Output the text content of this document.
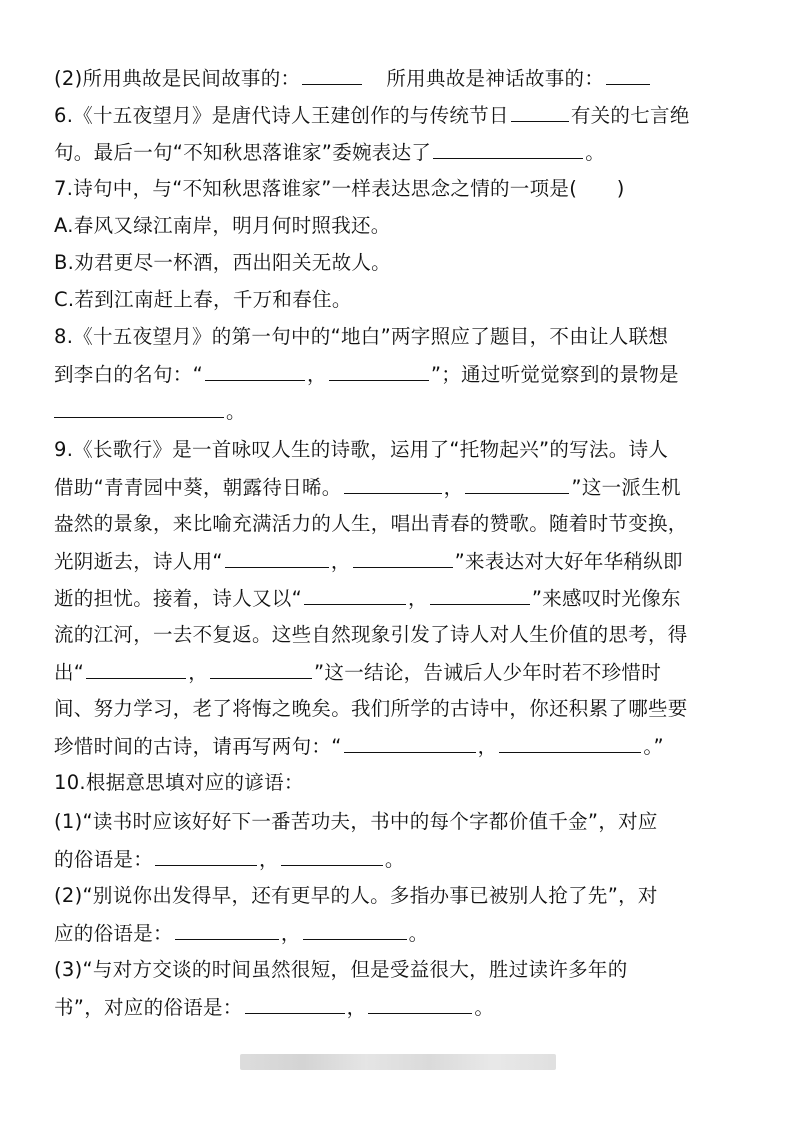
(2)所用典故是民间故事的：	所用典故是神话故事的：
6.《十五夜望月》是唐代诗人王建创作的与传统节日	有关的七言绝
句。最后一句“不知秋思落谁家”委婉表达了	。
7.诗句中，与“不知秋思落谁家”一样表达思念之情的一项是(　　)
A.春风又绿江南岸，明月何时照我还。
B.劝君更尽一杯酒，西出阳关无故人。
C.若到江南赶上春，千万和春住。
8.《十五夜望月》的第一句中的“地白”两字照应了题目，不由让人联想
到李白的名句：“	，	”；通过听觉觉察到的景物是
。
9.《长歌行》是一首咏叹人生的诗歌，运用了“托物起兴”的写法。诗人
借助“青青园中葵，朝露待日晞。	，	”这一派生机
盎然的景象，来比喻充满活力的人生，唱出青春的赞歌。随着时节变换，
光阴逝去，诗人用“	，	”来表达对大好年华稍纵即
逝的担忧。接着，诗人又以“	，	”来感叹时光像东
流的江河，一去不复返。这些自然现象引发了诗人对人生价值的思考，得
出“	，	”这一结论，告诫后人少年时若不珍惜时
间、努力学习，老了将悔之晚矣。我们所学的古诗中，你还积累了哪些要
珍惜时间的古诗，请再写两句：“	，	。”
10.根据意思填对应的谚语：
(1)“读书时应该好好下一番苦功夫，书中的每个字都价值千金”，对应
的俗语是：	，	。
(2)“别说你出发得早，还有更早的人。多指办事已被别人抢了先”，对
应的俗语是：	，	。
(3)“与对方交谈的时间虽然很短，但是受益很大，胜过读许多年的
书”，对应的俗语是：	，	。
